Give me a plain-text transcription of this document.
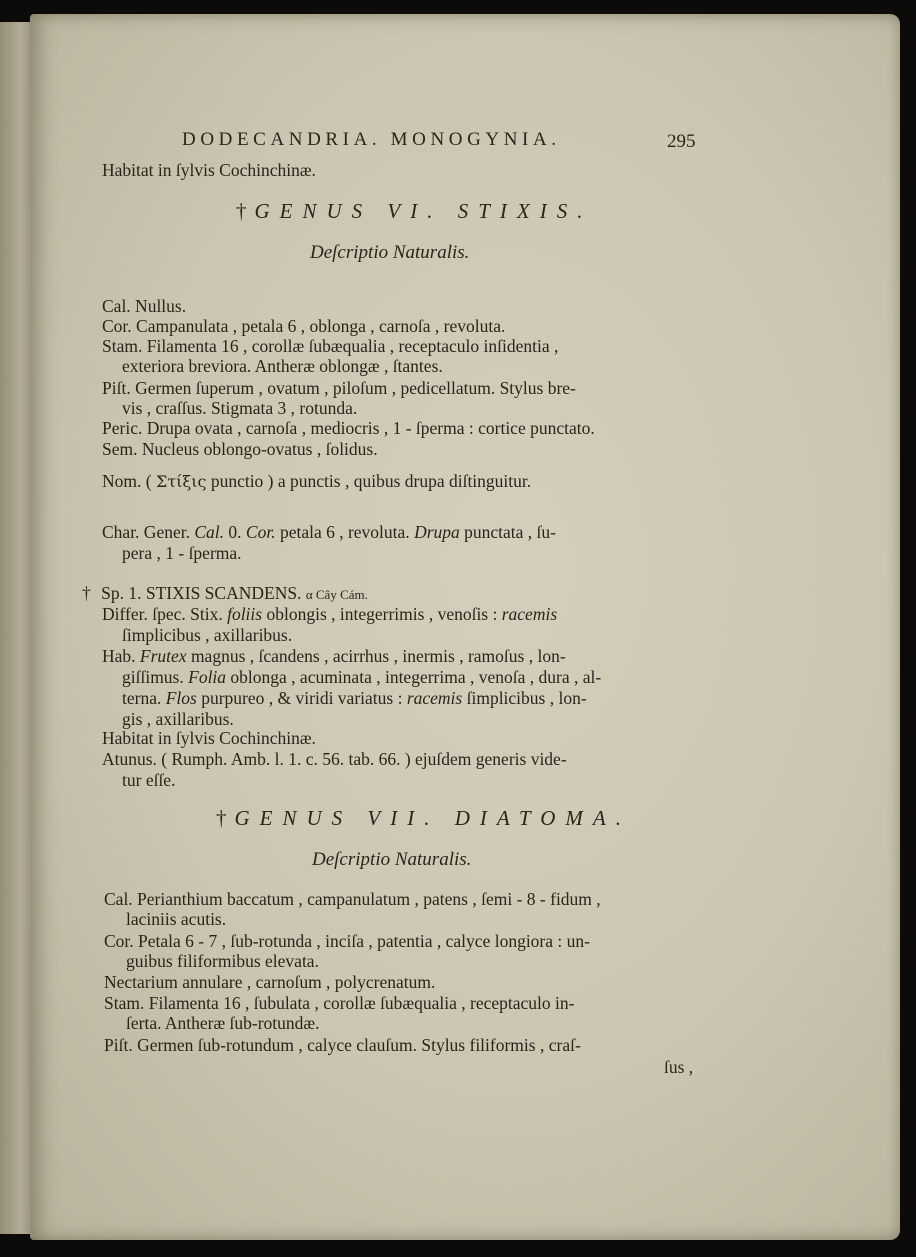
DODECANDRIA. MONOGYNIA.	295
Habitat in ſylvis Cochinchinæ.
† GENUS VI. STIXIS.
Deſcriptio Naturalis.
Cal. Nullus.
Cor. Campanulata , petala 6 , oblonga , carnoſa , revoluta.
Stam. Filamenta 16 , corollæ ſubæqualia , receptaculo inſidentia ,
exteriora breviora. Antheræ oblongæ , ſtantes.
Piſt. Germen ſuperum , ovatum , piloſum , pedicellatum. Stylus bre-
vis , craſſus. Stigmata 3 , rotunda.
Peric. Drupa ovata , carnoſa , mediocris , 1 - ſperma : cortice punctato.
Sem. Nucleus oblongo-ovatus , ſolidus.
Nom. ( Στίξις punctio ) a punctis , quibus drupa diſtinguitur.
Char. Gener. Cal. 0. Cor. petala 6 , revoluta. Drupa punctata , ſu-
pera , 1 - ſperma.
† Sp. 1. STIXIS SCANDENS. α Cây Cám.
Differ. ſpec. Stix. foliis oblongis , integerrimis , venoſis : racemis
ſimplicibus , axillaribus.
Hab. Frutex magnus , ſcandens , acirrhus , inermis , ramoſus , lon-
giſſimus. Folia oblonga , acuminata , integerrima , venoſa , dura , al-
terna. Flos purpureo , & viridi variatus : racemis ſimplicibus , lon-
gis , axillaribus.
Habitat in ſylvis Cochinchinæ.
Atunus. ( Rumph. Amb. l. 1. c. 56. tab. 66. ) ejuſdem generis vide-
tur eſſe.
† GENUS VII. DIATOMA.
Deſcriptio Naturalis.
Cal. Perianthium baccatum , campanulatum , patens , ſemi - 8 - fidum ,
laciniis acutis.
Cor. Petala 6 - 7 , ſub-rotunda , inciſa , patentia , calyce longiora : un-
guibus filiformibus elevata.
Nectarium annulare , carnoſum , polycrenatum.
Stam. Filamenta 16 , ſubulata , corollæ ſubæqualia , receptaculo in-
ſerta. Antheræ ſub-rotundæ.
Piſt. Germen ſub-rotundum , calyce clauſum. Stylus filiformis , craſ-
ſus ,
